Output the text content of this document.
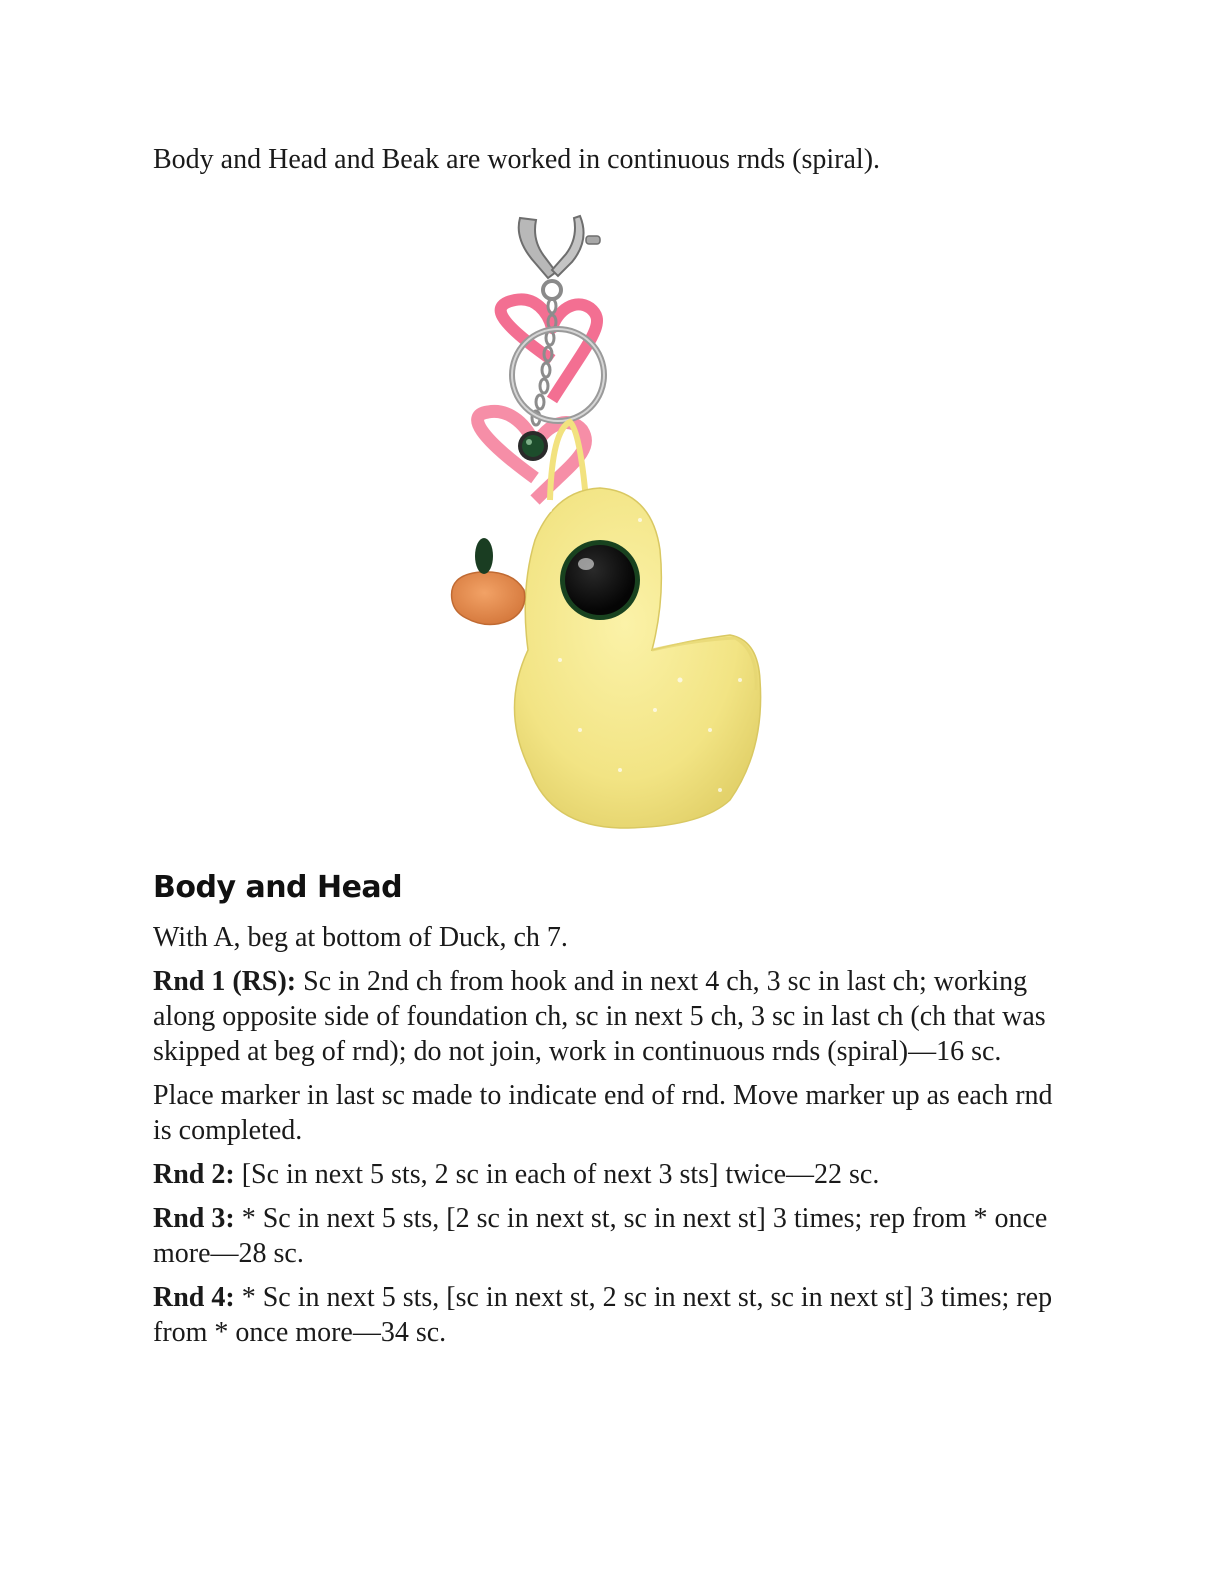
Body and Head and Beak are worked in continuous rnds (spiral).

Body and Head

With A, beg at bottom of Duck, ch 7.

Rnd 1 (RS): Sc in 2nd ch from hook and in next 4 ch, 3 sc in last ch; working along opposite side of foundation ch, sc in next 5 ch, 3 sc in last ch (ch that was skipped at beg of rnd); do not join, work in continuous rnds (spiral)—16 sc.

Place marker in last sc made to indicate end of rnd. Move marker up as each rnd is completed.

Rnd 2: [Sc in next 5 sts, 2 sc in each of next 3 sts] twice—22 sc.

Rnd 3: * Sc in next 5 sts, [2 sc in next st, sc in next st] 3 times; rep from * once more—28 sc.

Rnd 4: * Sc in next 5 sts, [sc in next st, 2 sc in next st, sc in next st] 3 times; rep from * once more—34 sc.
